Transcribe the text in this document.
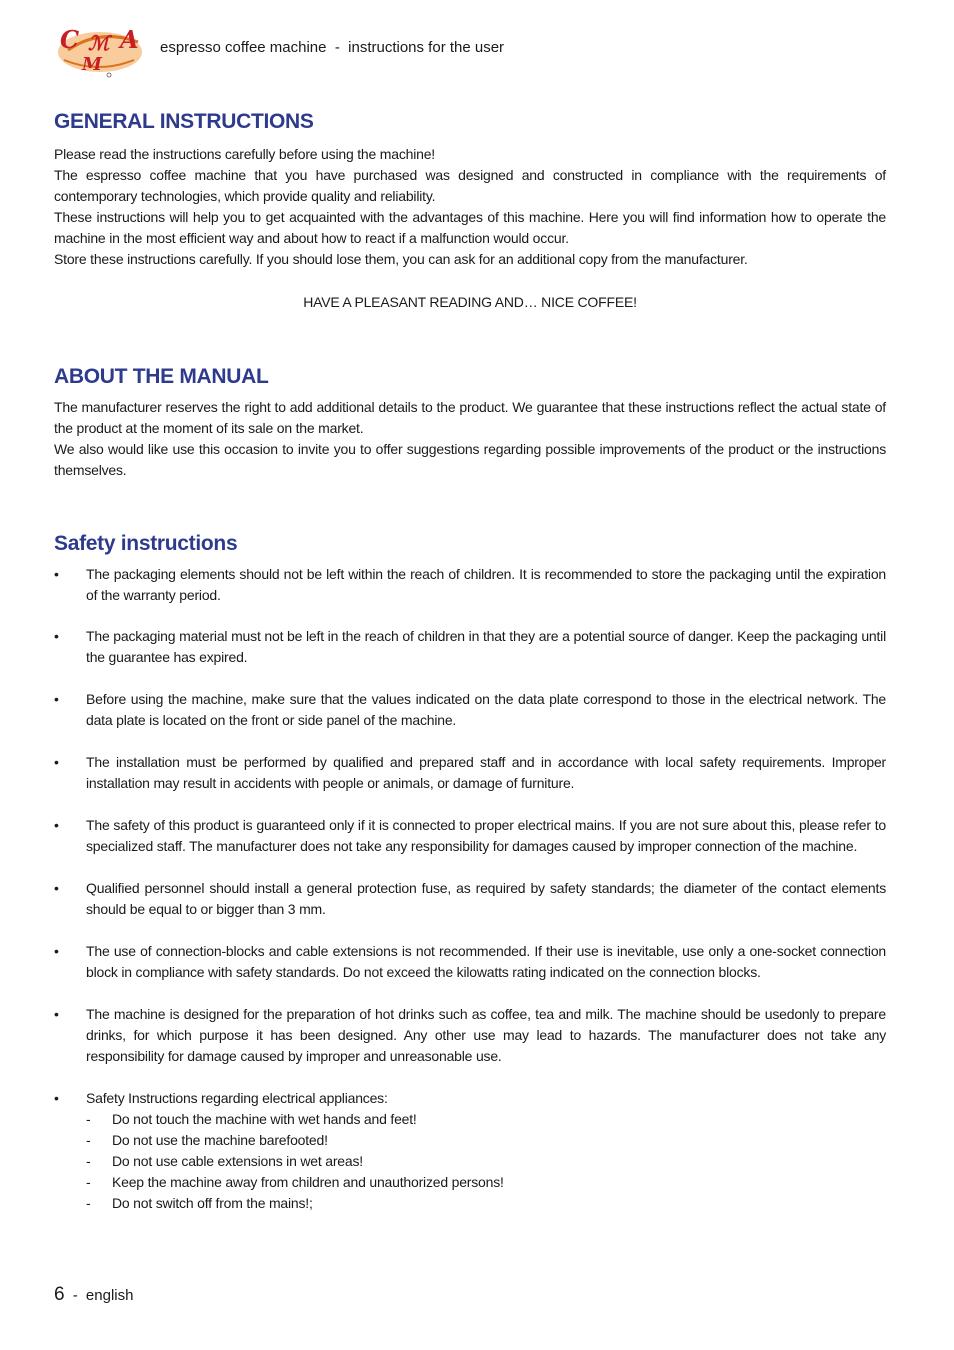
C ℳ
M
A espresso coffee machine  -  instructions for the user
GENERAL INSTRUCTIONS

Please read the instructions carefully before using the machine!

The espresso coffee machine that you have purchased was designed and constructed in compliance with the requirements of contemporary technologies, which provide quality and reliability.

These instructions will help you to get acquainted with the advantages of this machine. Here you will find information how to operate the machine in the most efficient way and about how to react if a malfunction would occur.

Store these instructions carefully. If you should lose them, you can ask for an additional copy from the manufacturer.

HAVE A PLEASANT READING AND… NICE COFFEE!

ABOUT THE MANUAL

The manufacturer reserves the right to add additional details to the product. We guarantee that these instructions reflect the actual state of the product at the moment of its sale on the market.

We also would like use this occasion to invite you to offer suggestions regarding possible improvements of the product or the instructions themselves.

Safety instructions
• The packaging elements should not be left within the reach of children. It is recommended to store the packaging until the expiration of the warranty period.
• The packaging material must not be left in the reach of children in that they are a potential source of danger. Keep the packaging until the guarantee has expired.
• Before using the machine, make sure that the values indicated on the data plate correspond to those in the electrical network. The data plate is located on the front or side panel of the machine.
• The installation must be performed by qualified and prepared staff and in accordance with local safety requirements. Improper installation may result in accidents with people or animals, or damage of furniture.
• The safety of this product is guaranteed only if it is connected to proper electrical mains. If you are not sure about this, please refer to specialized staff. The manufacturer does not take any responsibility for damages caused by improper connection of the machine.
• Qualified personnel should install a general protection fuse, as required by safety standards; the diameter of the contact elements should be equal to or bigger than 3 mm.
• The use of connection-blocks and cable extensions is not recommended. If their use is inevitable, use only a one-socket connection block in compliance with safety standards. Do not exceed the kilowatts rating indicated on the connection blocks.
• The machine is designed for the preparation of hot drinks such as coffee, tea and milk. The machine should be usedonly to prepare drinks, for which purpose it has been designed. Any other use may lead to hazards. The manufacturer does not take any responsibility for damage caused by improper and unreasonable use.
• Safety Instructions regarding electrical appliances:
- Do not touch the machine with wet hands and feet!
- Do not use the machine barefooted!
- Do not use cable extensions in wet areas!
- Keep the machine away from children and unauthorized persons!
- Do not switch off from the mains!;
6 - english
